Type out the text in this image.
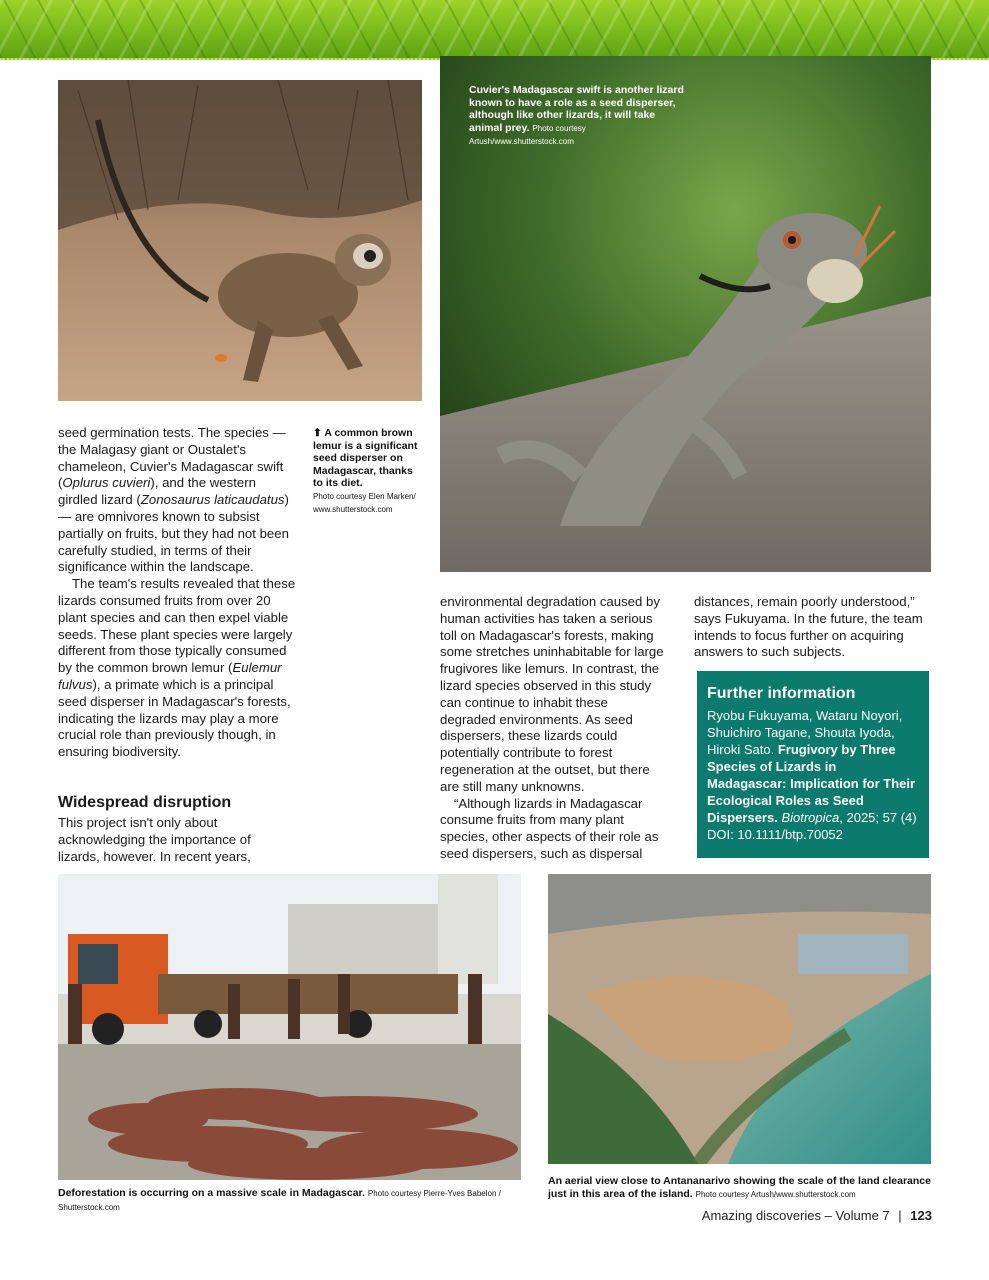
Cuvier's Madagascar swift is another lizard known to have a role as a seed disperser, although like other lizards, it will take animal prey. Photo courtesy Artush/www.shutterstock.com
⬆ A common brown lemur is a significant seed disperser on Madagascar, thanks to its diet.
Photo courtesy Elen Marken/ www.shutterstock.com

seed germination tests. The species — the Malagasy giant or Oustalet's chameleon, Cuvier's Madagascar swift (Oplurus cuvieri), and the western girdled lizard (Zonosaurus laticaudatus) — are omnivores known to subsist partially on fruits, but they had not been carefully studied, in terms of their significance within the landscape.

The team's results revealed that these lizards consumed fruits from over 20 plant species and can then expel viable seeds. These plant species were largely different from those typically consumed by the common brown lemur (Eulemur fulvus), a primate which is a principal seed disperser in Madagascar's forests, indicating the lizards may play a more crucial role than previously though, in ensuring biodiversity.

Widespread disruption

This project isn't only about acknowledging the importance of lizards, however. In recent years,

environmental degradation caused by human activities has taken a serious toll on Madagascar's forests, making some stretches uninhabitable for large frugivores like lemurs. In contrast, the lizard species observed in this study can continue to inhabit these degraded environments. As seed dispersers, these lizards could potentially contribute to forest regeneration at the outset, but there are still many unknowns.

“Although lizards in Madagascar consume fruits from many plant species, other aspects of their role as seed dispersers, such as dispersal

distances, remain poorly understood,” says Fukuyama. In the future, the team intends to focus further on acquiring answers to such subjects.

Further information
Ryobu Fukuyama, Wataru Noyori, Shuichiro Tagane, Shouta Iyoda, Hiroki Sato. Frugivory by Three Species of Lizards in Madagascar: Implication for Their Ecological Roles as Seed Dispersers. Biotropica, 2025; 57 (4) DOI: 10.1111/btp.70052
Deforestation is occurring on a massive scale in Madagascar. Photo courtesy Pierre-Yves Babelon / Shutterstock.com
An aerial view close to Antananarivo showing the scale of the land clearance just in this area of the island. Photo courtesy Artush/www.shutterstock.com
Amazing discoveries – Volume 7 | 123
